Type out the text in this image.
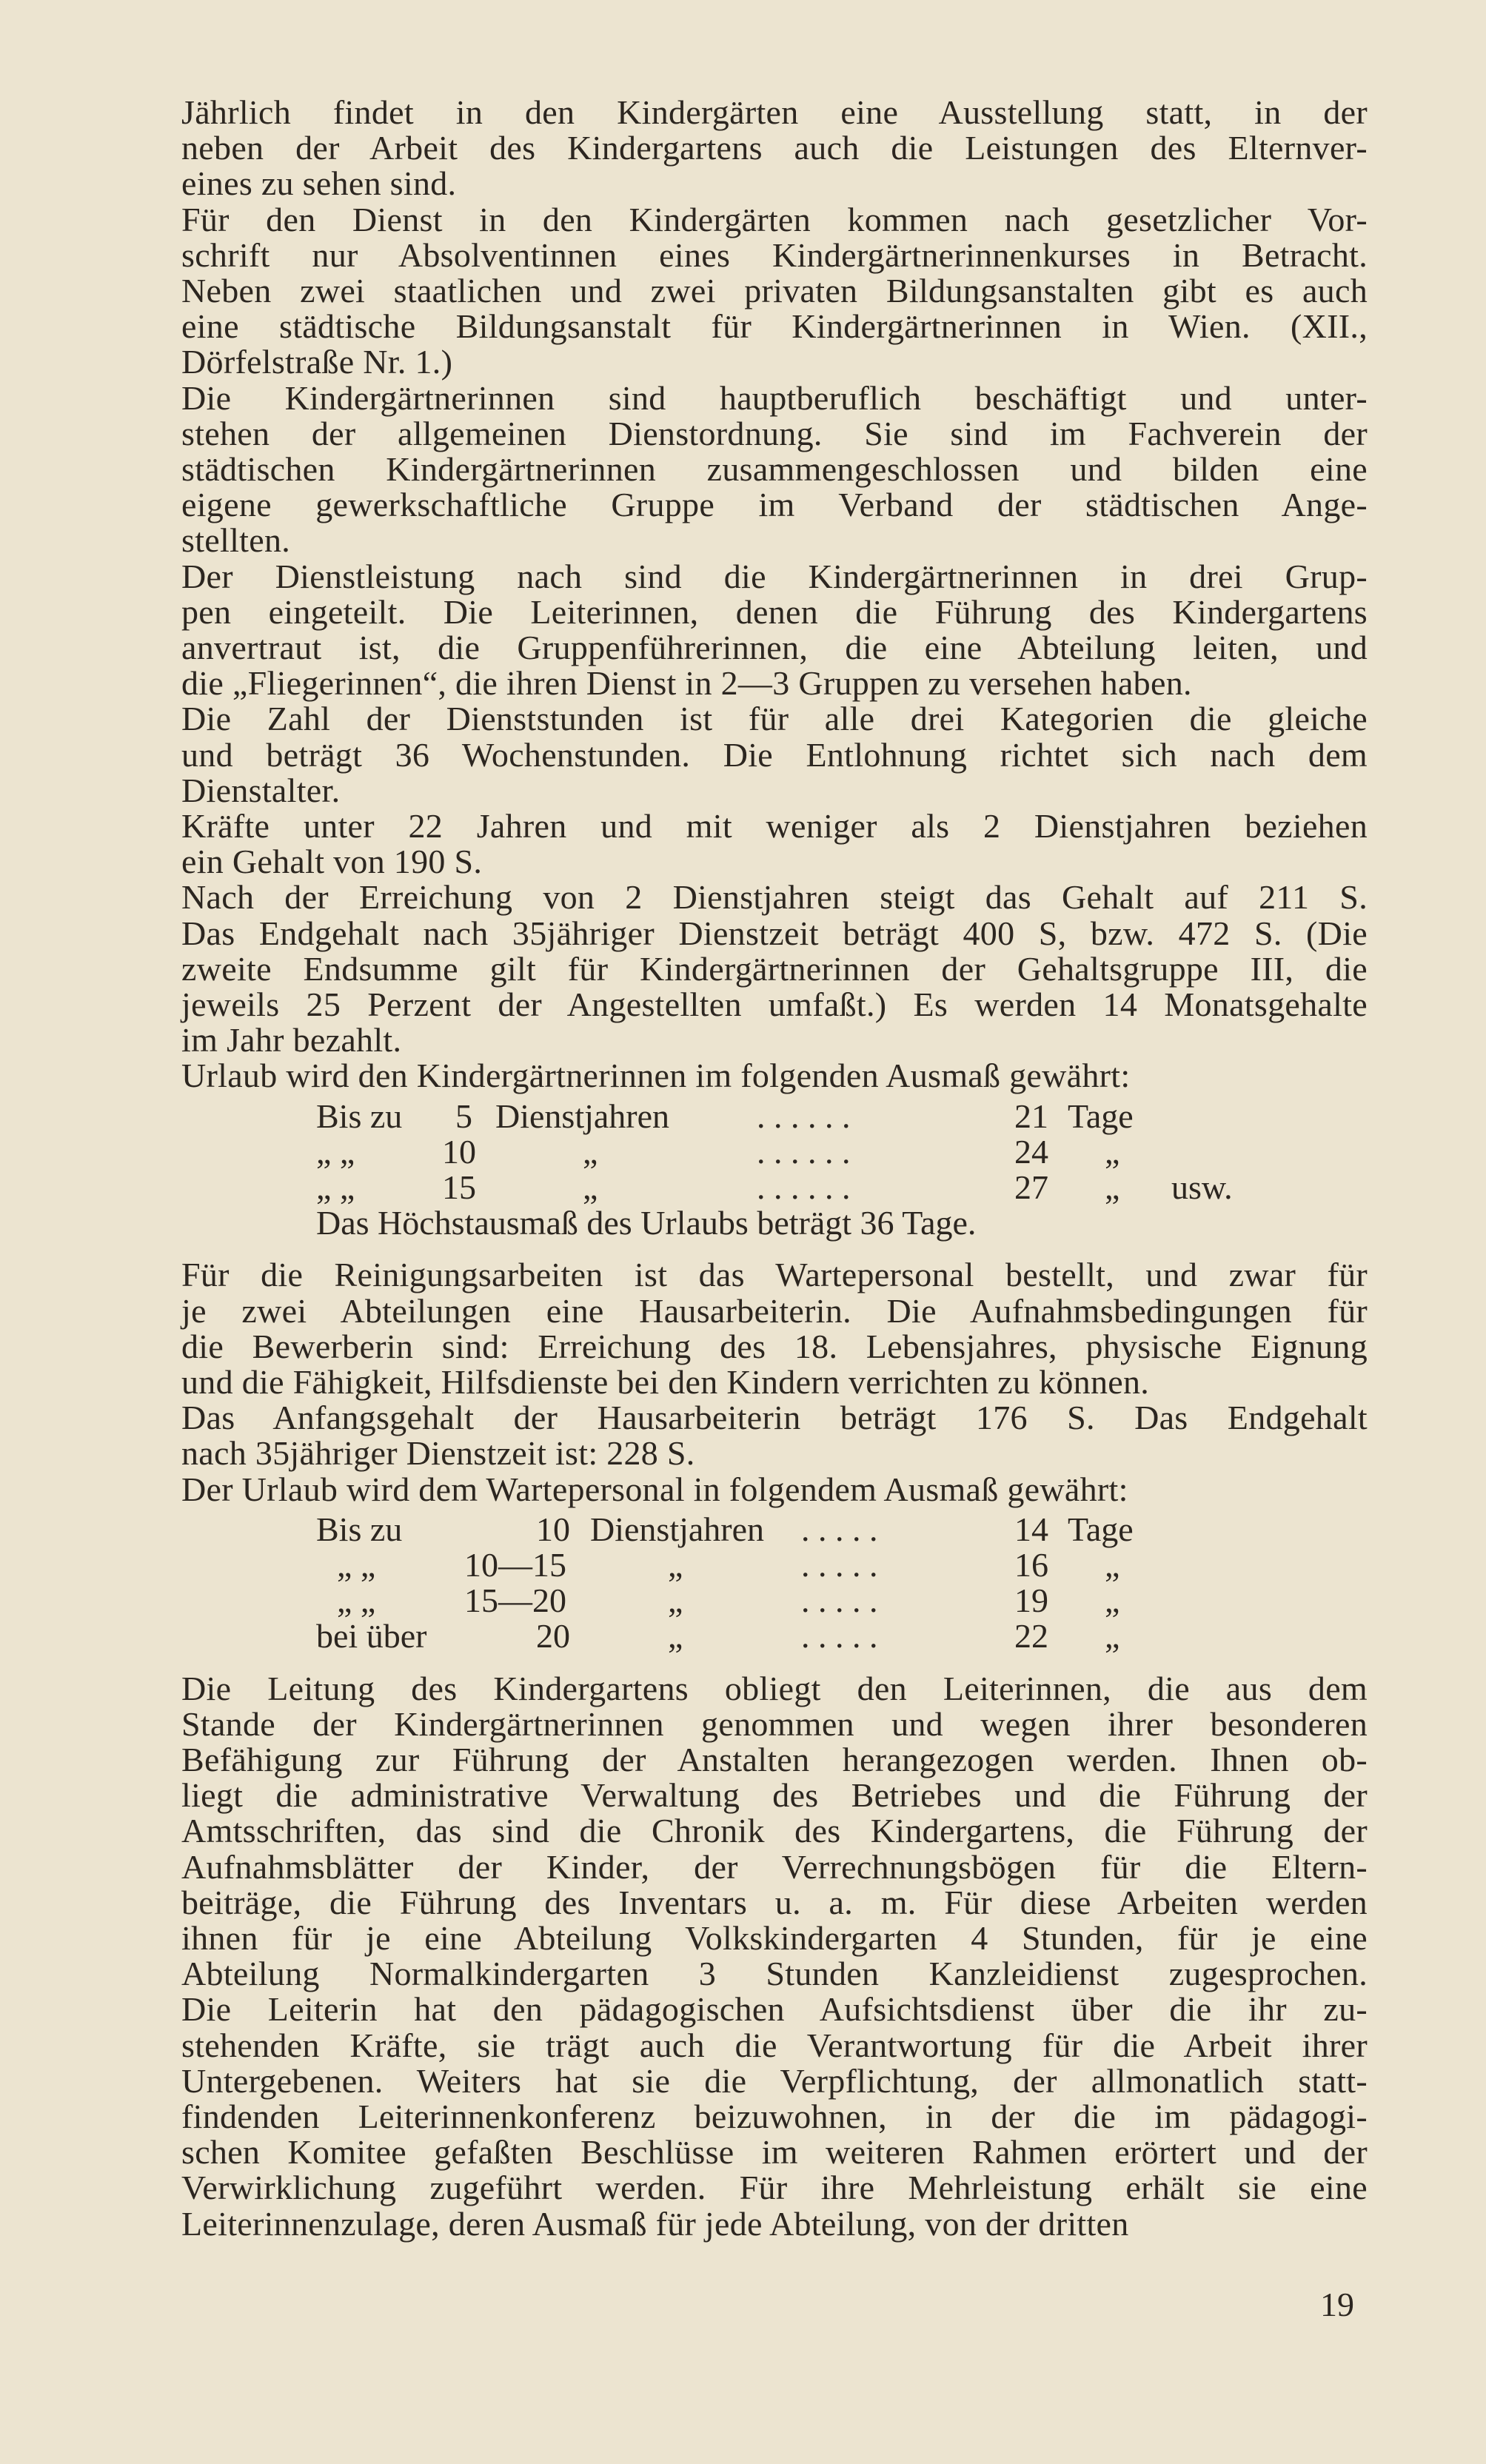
Jährlich findet in den Kindergärten eine Ausstellung statt, in der
neben der Arbeit des Kindergartens auch die Leistungen des Elternver-
eines zu sehen sind.

Für den Dienst in den Kindergärten kommen nach gesetzlicher Vor-
schrift nur Absolventinnen eines Kindergärtnerinnenkurses in Betracht.
Neben zwei staatlichen und zwei privaten Bildungsanstalten gibt es auch
eine städtische Bildungsanstalt für Kindergärtnerinnen in Wien. (XII.,
Dörfelstraße Nr. 1.)

Die Kindergärtnerinnen sind hauptberuflich beschäftigt und unter-
stehen der allgemeinen Dienstordnung. Sie sind im Fachverein der
städtischen Kindergärtnerinnen zusammengeschlossen und bilden eine
eigene gewerkschaftliche Gruppe im Verband der städtischen Ange-
stellten.

Der Dienstleistung nach sind die Kindergärtnerinnen in drei Grup-
pen eingeteilt. Die Leiterinnen, denen die Führung des Kindergartens
anvertraut ist, die Gruppenführerinnen, die eine Abteilung leiten, und
die „Fliegerinnen“, die ihren Dienst in 2—3 Gruppen zu versehen haben.

Die Zahl der Dienststunden ist für alle drei Kategorien die gleiche
und beträgt 36 Wochenstunden. Die Entlohnung richtet sich nach dem
Dienstalter.

Kräfte unter 22 Jahren und mit weniger als 2 Dienstjahren beziehen
ein Gehalt von 190 S.

Nach der Erreichung von 2 Dienstjahren steigt das Gehalt auf 211 S.
Das Endgehalt nach 35jähriger Dienstzeit beträgt 400 S, bzw. 472 S. (Die
zweite Endsumme gilt für Kindergärtnerinnen der Gehaltsgruppe III, die
jeweils 25 Perzent der Angestellten umfaßt.) Es werden 14 Monatsgehalte
im Jahr bezahlt.

Urlaub wird den Kindergärtnerinnen im folgenden Ausmaß gewährt:

Bis zu 5 Dienstjahren	. . . . . .	21 Tage
„ „	10	„	. . . . . .	24 „
„ „	15	„	. . . . . .	27 „ usw.
Das Höchstausmaß des Urlaubs beträgt 36 Tage.

Für die Reinigungsarbeiten ist das Wartepersonal bestellt, und zwar für
je zwei Abteilungen eine Hausarbeiterin. Die Aufnahmsbedingungen für
die Bewerberin sind: Erreichung des 18. Lebensjahres, physische Eignung
und die Fähigkeit, Hilfsdienste bei den Kindern verrichten zu können.

Das Anfangsgehalt der Hausarbeiterin beträgt 176 S. Das Endgehalt
nach 35jähriger Dienstzeit ist: 228 S.

Der Urlaub wird dem Wartepersonal in folgendem Ausmaß gewährt:

Bis zu	10 Dienstjahren . . . . .	14 Tage
„ „	10—15	„	. . . . .	16 „
„ „	15—20	„	. . . . .	19 „
bei über	20	„	. . . . .	22 „

Die Leitung des Kindergartens obliegt den Leiterinnen, die aus dem
Stande der Kindergärtnerinnen genommen und wegen ihrer besonderen
Befähigung zur Führung der Anstalten herangezogen werden. Ihnen ob-
liegt die administrative Verwaltung des Betriebes und die Führung der
Amtsschriften, das sind die Chronik des Kindergartens, die Führung der
Aufnahmsblätter der Kinder, der Verrechnungsbögen für die Eltern-
beiträge, die Führung des Inventars u. a. m. Für diese Arbeiten werden
ihnen für je eine Abteilung Volkskindergarten 4 Stunden, für je eine
Abteilung Normalkindergarten 3 Stunden Kanzleidienst zugesprochen.
Die Leiterin hat den pädagogischen Aufsichtsdienst über die ihr zu-
stehenden Kräfte, sie trägt auch die Verantwortung für die Arbeit ihrer
Untergebenen. Weiters hat sie die Verpflichtung, der allmonatlich statt-
findenden Leiterinnenkonferenz beizuwohnen, in der die im pädagogi-
schen Komitee gefaßten Beschlüsse im weiteren Rahmen erörtert und der
Verwirklichung zugeführt werden. Für ihre Mehrleistung erhält sie eine
Leiterinnenzulage, deren Ausmaß für jede Abteilung, von der dritten

19
